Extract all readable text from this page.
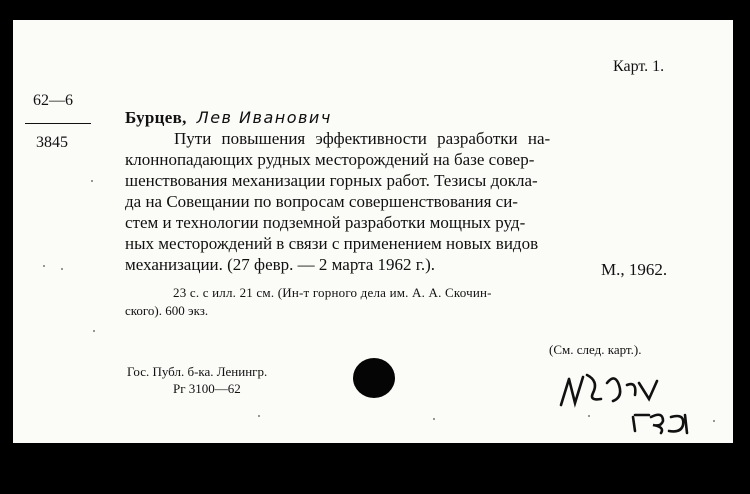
Карт. 1.
62—6
3845
Бурцев, Лев Иванович
Пути повышения эффективности разработки на-
клоннопадающих рудных месторождений на базе совер-
шенствования механизации горных работ. Тезисы докла-
да на Совещании по вопросам совершенствования си-
стем и технологии подземной разработки мощных руд-
ных месторождений в связи с применением новых видов
механизации. (27 февр. — 2 марта 1962 г.).	М., 1962.
23 с. с илл. 21 см. (Ин-т горного дела им. А. А. Скочин-
ского). 600 экз.
(См. след. карт.).
Гос. Публ. б-ка. Ленингр.
Рг 3100—62
